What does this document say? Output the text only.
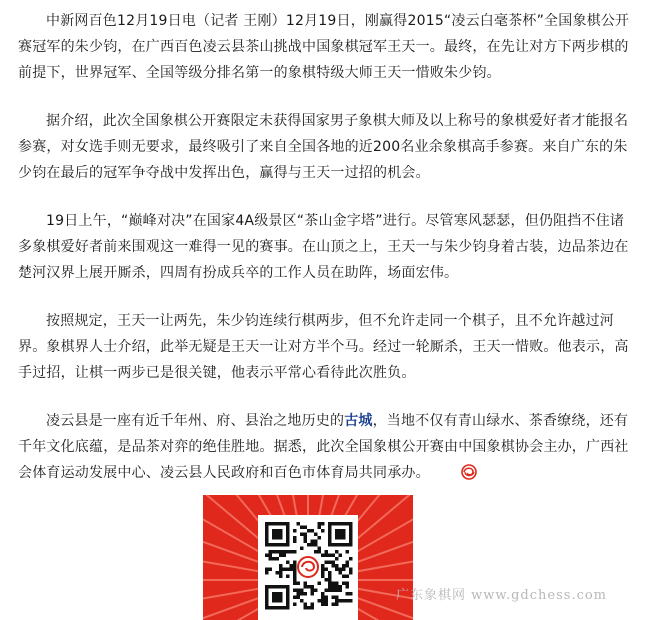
中新网百色12月19日电（记者 王刚）12月19日，刚赢得2015“凌云白毫茶杯”全国象棋公开赛冠军的朱少钧，在广西百色凌云县茶山挑战中国象棋冠军王天一。最终，在先让对方下两步棋的前提下，世界冠军、全国等级分排名第一的象棋特级大师王天一惜败朱少钧。

据介绍，此次全国象棋公开赛限定未获得国家男子象棋大师及以上称号的象棋爱好者才能报名参赛，对女选手则无要求，最终吸引了来自全国各地的近200名业余象棋高手参赛。来自广东的朱少钧在最后的冠军争夺战中发挥出色，赢得与王天一过招的机会。

19日上午，“巅峰对决”在国家4A级景区“茶山金字塔”进行。尽管寒风瑟瑟，但仍阻挡不住诸多象棋爱好者前来围观这一难得一见的赛事。在山顶之上，王天一与朱少钧身着古装，边品茶边在楚河汉界上展开厮杀，四周有扮成兵卒的工作人员在助阵，场面宏伟。

按照规定，王天一让两先，朱少钧连续行棋两步，但不允许走同一个棋子，且不允许越过河界。象棋界人士介绍，此举无疑是王天一让对方半个马。经过一轮厮杀，王天一惜败。他表示，高手过招，让棋一两步已是很关键，他表示平常心看待此次胜负。

凌云县是一座有近千年州、府、县治之地历史的古城，当地不仅有青山绿水、茶香缭绕，还有千年文化底蕴，是品茶对弈的绝佳胜地。据悉，此次全国象棋公开赛由中国象棋协会主办，广西社会体育运动发展中心、凌云县人民政府和百色市体育局共同承办。

广东象棋网 www.gdchess.com
